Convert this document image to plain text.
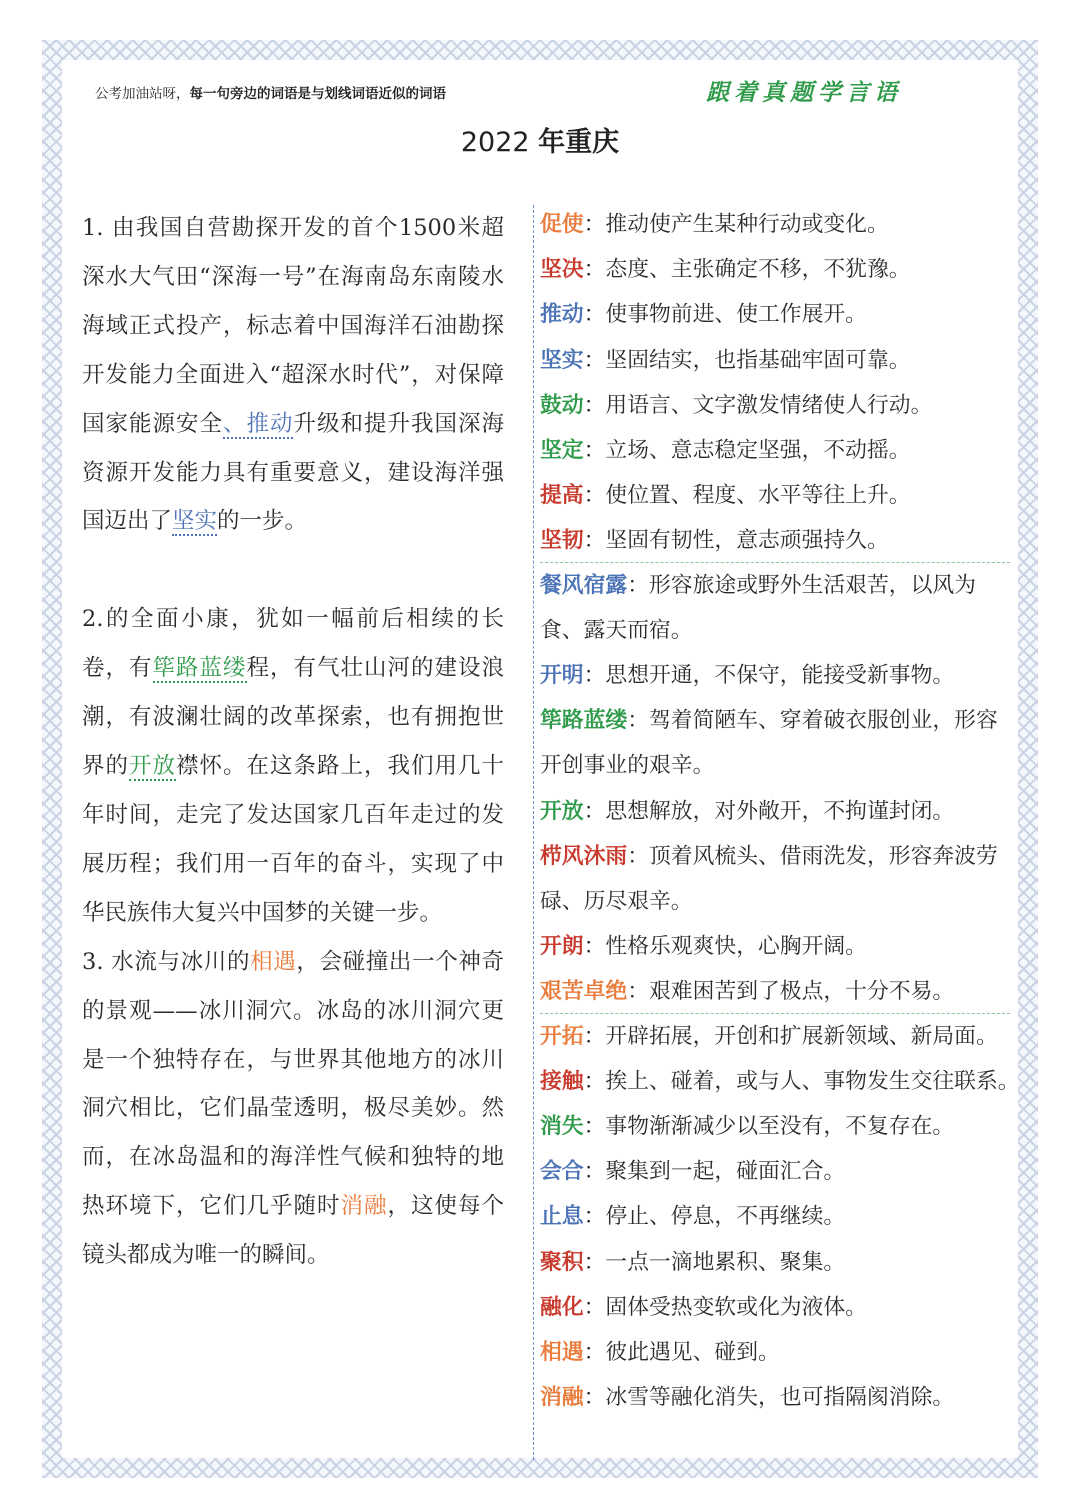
公考加油站呀，每一句旁边的词语是与划线词语近似的词语	跟着真题学言语
2022 年重庆

1. 由我国自营勘探开发的首个1500米超深水大气田“深海一号”在海南岛东南陵水海域正式投产，标志着中国海洋石油勘探开发能力全面进入“超深水时代”，对保障国家能源安全、推动升级和提升我国深海资源开发能力具有重要意义，建设海洋强国迈出了坚实的一步。

2.的全面小康，犹如一幅前后相续的长卷，有筚路蓝缕程，有气壮山河的建设浪潮，有波澜壮阔的改革探索，也有拥抱世界的开放襟怀。在这条路上，我们用几十年时间，走完了发达国家几百年走过的发展历程；我们用一百年的奋斗，实现了中华民族伟大复兴中国梦的关键一步。

3. 水流与冰川的相遇，会碰撞出一个神奇的景观——冰川洞穴。冰岛的冰川洞穴更是一个独特存在，与世界其他地方的冰川洞穴相比，它们晶莹透明，极尽美妙。然而，在冰岛温和的海洋性气候和独特的地热环境下，它们几乎随时消融，这使每个镜头都成为唯一的瞬间。

促使：推动使产生某种行动或变化。

坚决：态度、主张确定不移，不犹豫。

推动：使事物前进、使工作展开。

坚实：坚固结实，也指基础牢固可靠。

鼓动：用语言、文字激发情绪使人行动。

坚定：立场、意志稳定坚强，不动摇。

提高：使位置、程度、水平等往上升。

坚韧：坚固有韧性，意志顽强持久。

餐风宿露：形容旅途或野外生活艰苦，以风为食、露天而宿。

开明：思想开通，不保守，能接受新事物。

筚路蓝缕：驾着简陋车、穿着破衣服创业，形容开创事业的艰辛。

开放：思想解放，对外敞开，不拘谨封闭。

栉风沐雨：顶着风梳头、借雨洗发，形容奔波劳碌、历尽艰辛。

开朗：性格乐观爽快，心胸开阔。

艰苦卓绝：艰难困苦到了极点，十分不易。

开拓：开辟拓展，开创和扩展新领域、新局面。

接触：挨上、碰着，或与人、事物发生交往联系。

消失：事物渐渐减少以至没有，不复存在。

会合：聚集到一起，碰面汇合。

止息：停止、停息，不再继续。

聚积：一点一滴地累积、聚集。

融化：固体受热变软或化为液体。

相遇：彼此遇见、碰到。

消融：冰雪等融化消失，也可指隔阂消除。
